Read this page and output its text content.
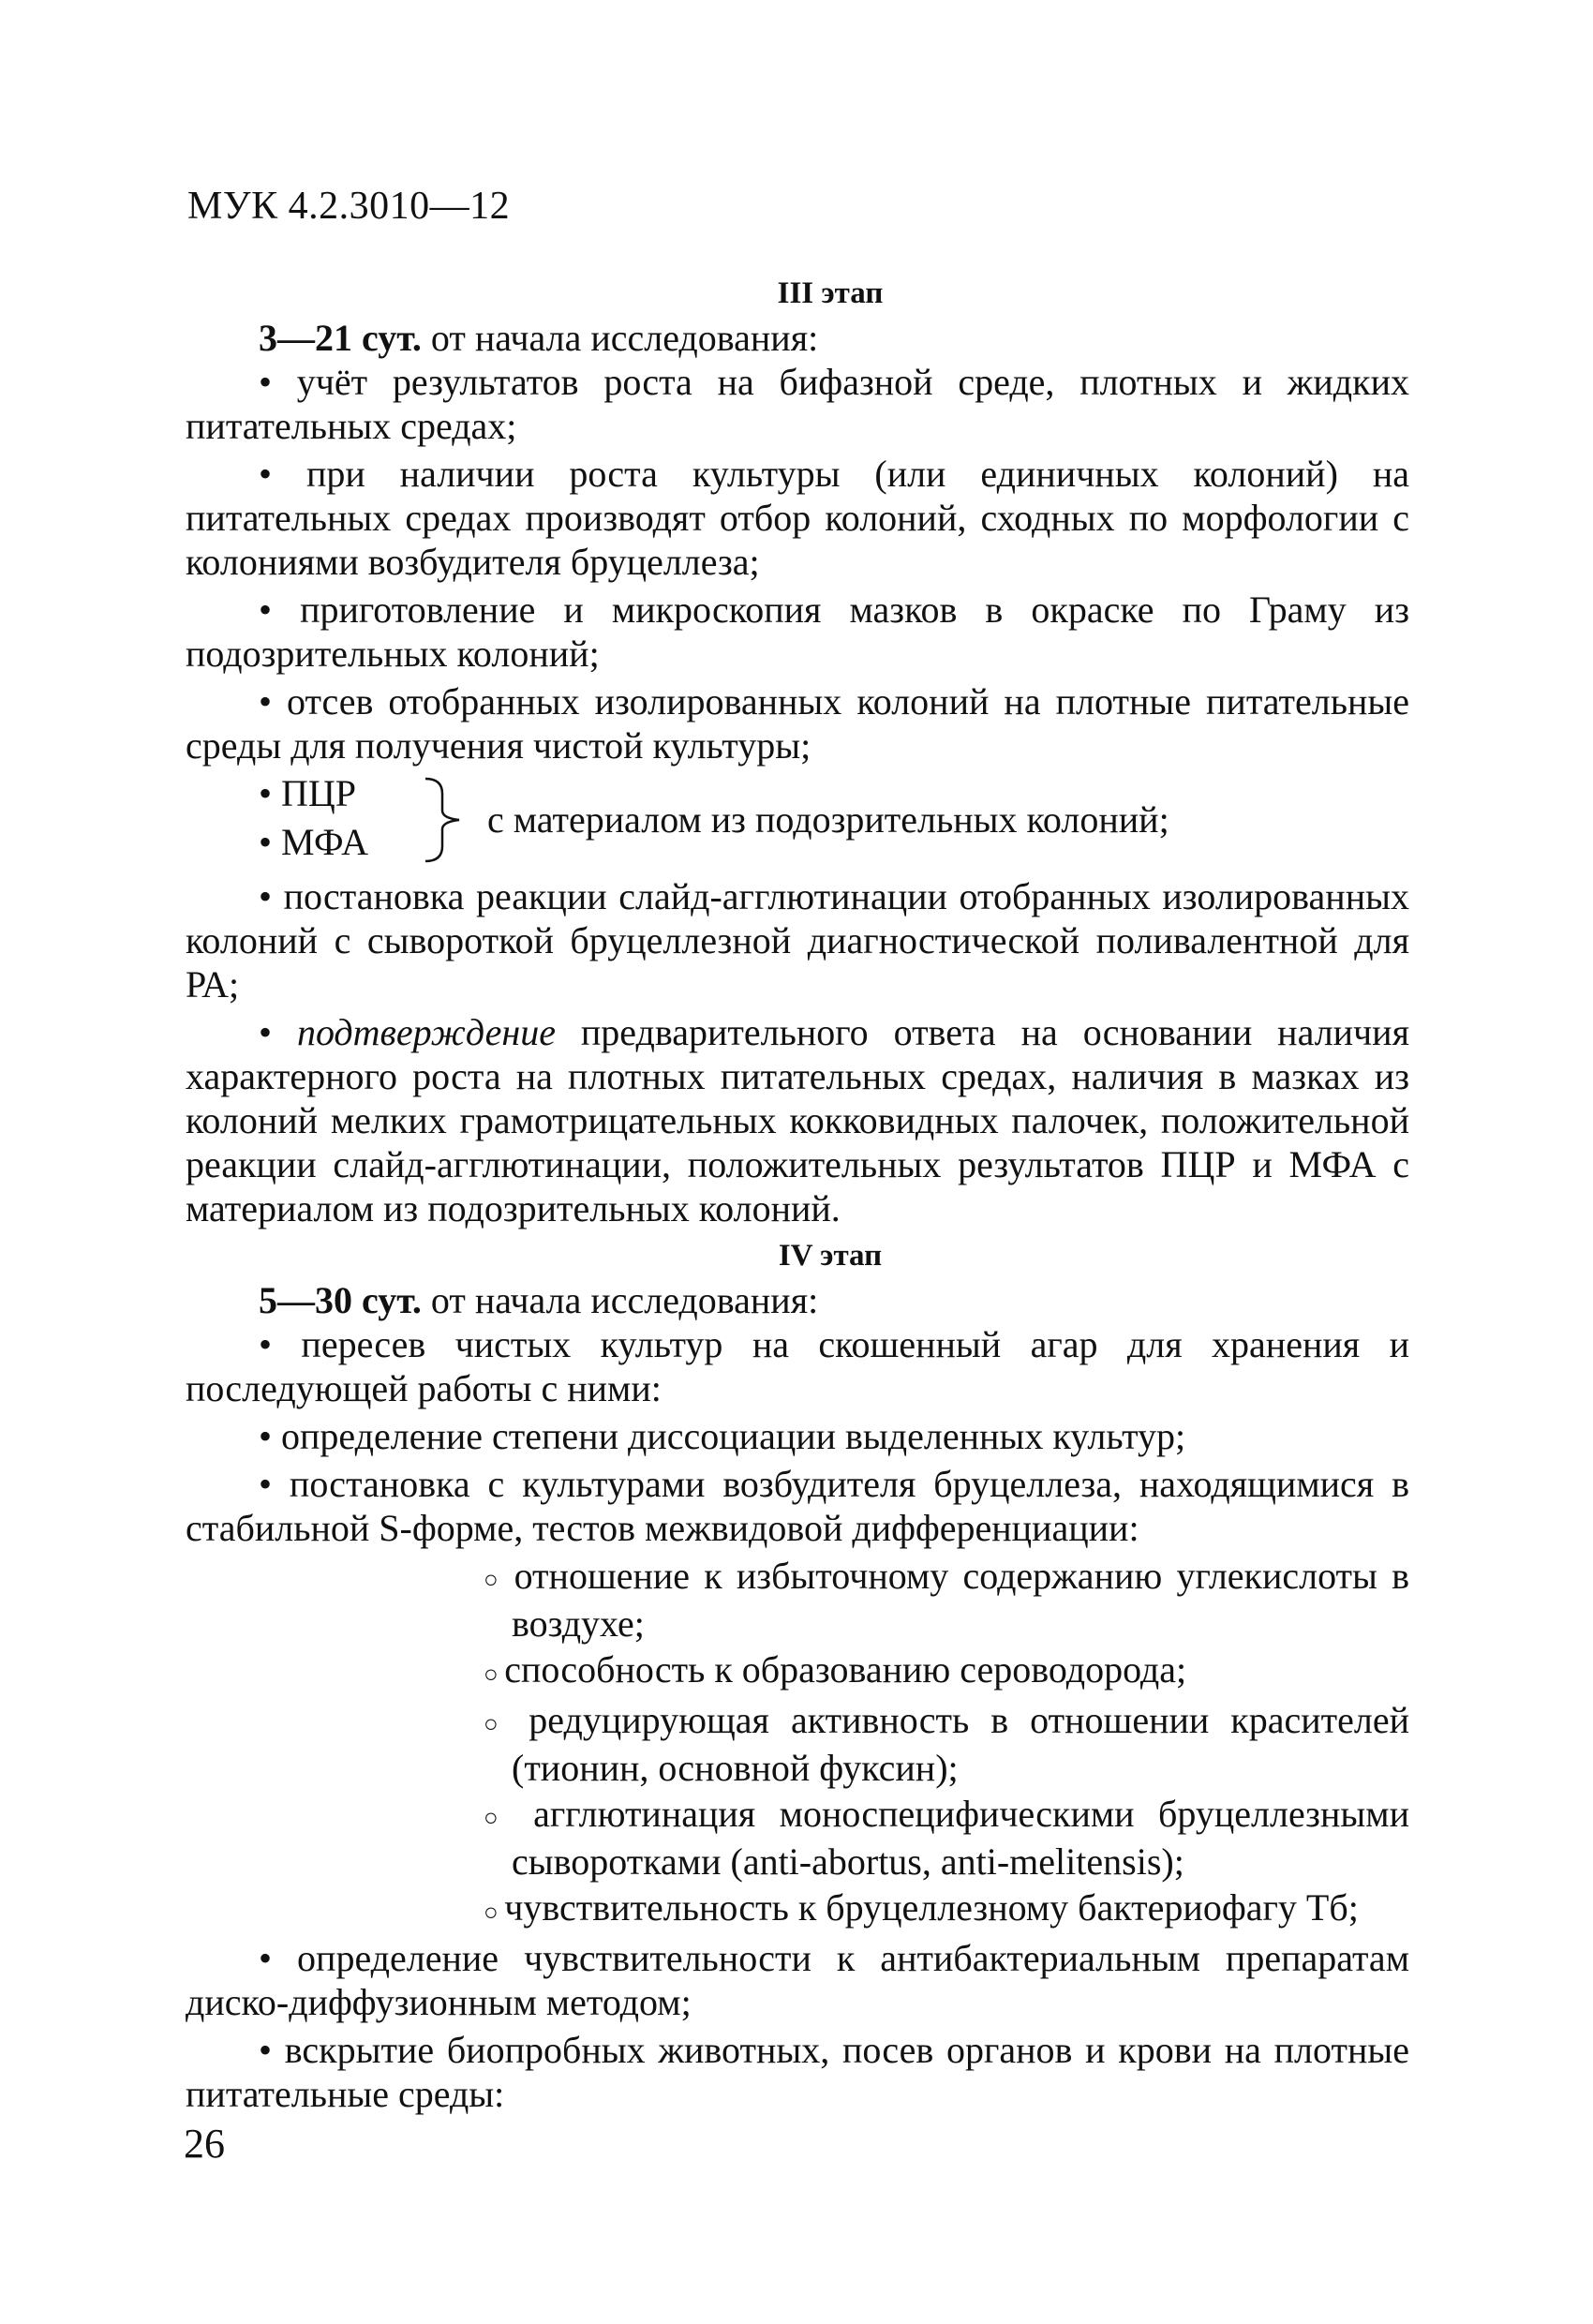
МУК 4.2.3010—12

III этап

3—21 сут. от начала исследования:

• учёт результатов роста на бифазной среде, плотных и жидких питательных средах;

• при наличии роста культуры (или единичных колоний) на питательных средах производят отбор колоний, сходных по морфологии с колониями возбудителя бруцеллеза;

• приготовление и микроскопия мазков в окраске по Граму из подозрительных колоний;

• отсев отобранных изолированных колоний на плотные питательные среды для получения чистой культуры;

• ПЦР
• МФА
с материалом из подозрительных колоний;

• постановка реакции слайд-агглютинации отобранных изолированных колоний с сывороткой бруцеллезной диагностической поливалентной для РА;

• подтверждение предварительного ответа на основании наличия характерного роста на плотных питательных средах, наличия в мазках из колоний мелких грамотрицательных кокковидных палочек, положительной реакции слайд-агглютинации, положительных результатов ПЦР и МФА с материалом из подозрительных колоний.

IV этап

5—30 сут. от начала исследования:

• пересев чистых культур на скошенный агар для хранения и последующей работы с ними:

• определение степени диссоциации выделенных культур;

• постановка с культурами возбудителя бруцеллеза, находящимися в стабильной S-форме, тестов межвидовой дифференциации:

○ отношение к избыточному содержанию углекислоты в воздухе;

○ способность к образованию сероводорода;

○ редуцирующая активность в отношении красителей (тионин, основной фуксин);

○ агглютинация моноспецифическими бруцеллезными сыворотками (anti-abortus, anti-melitensis);

○ чувствительность к бруцеллезному бактериофагу Тб;

• определение чувствительности к антибактериальным препаратам диско-диффузионным методом;

• вскрытие биопробных животных, посев органов и крови на плотные питательные среды:

26
